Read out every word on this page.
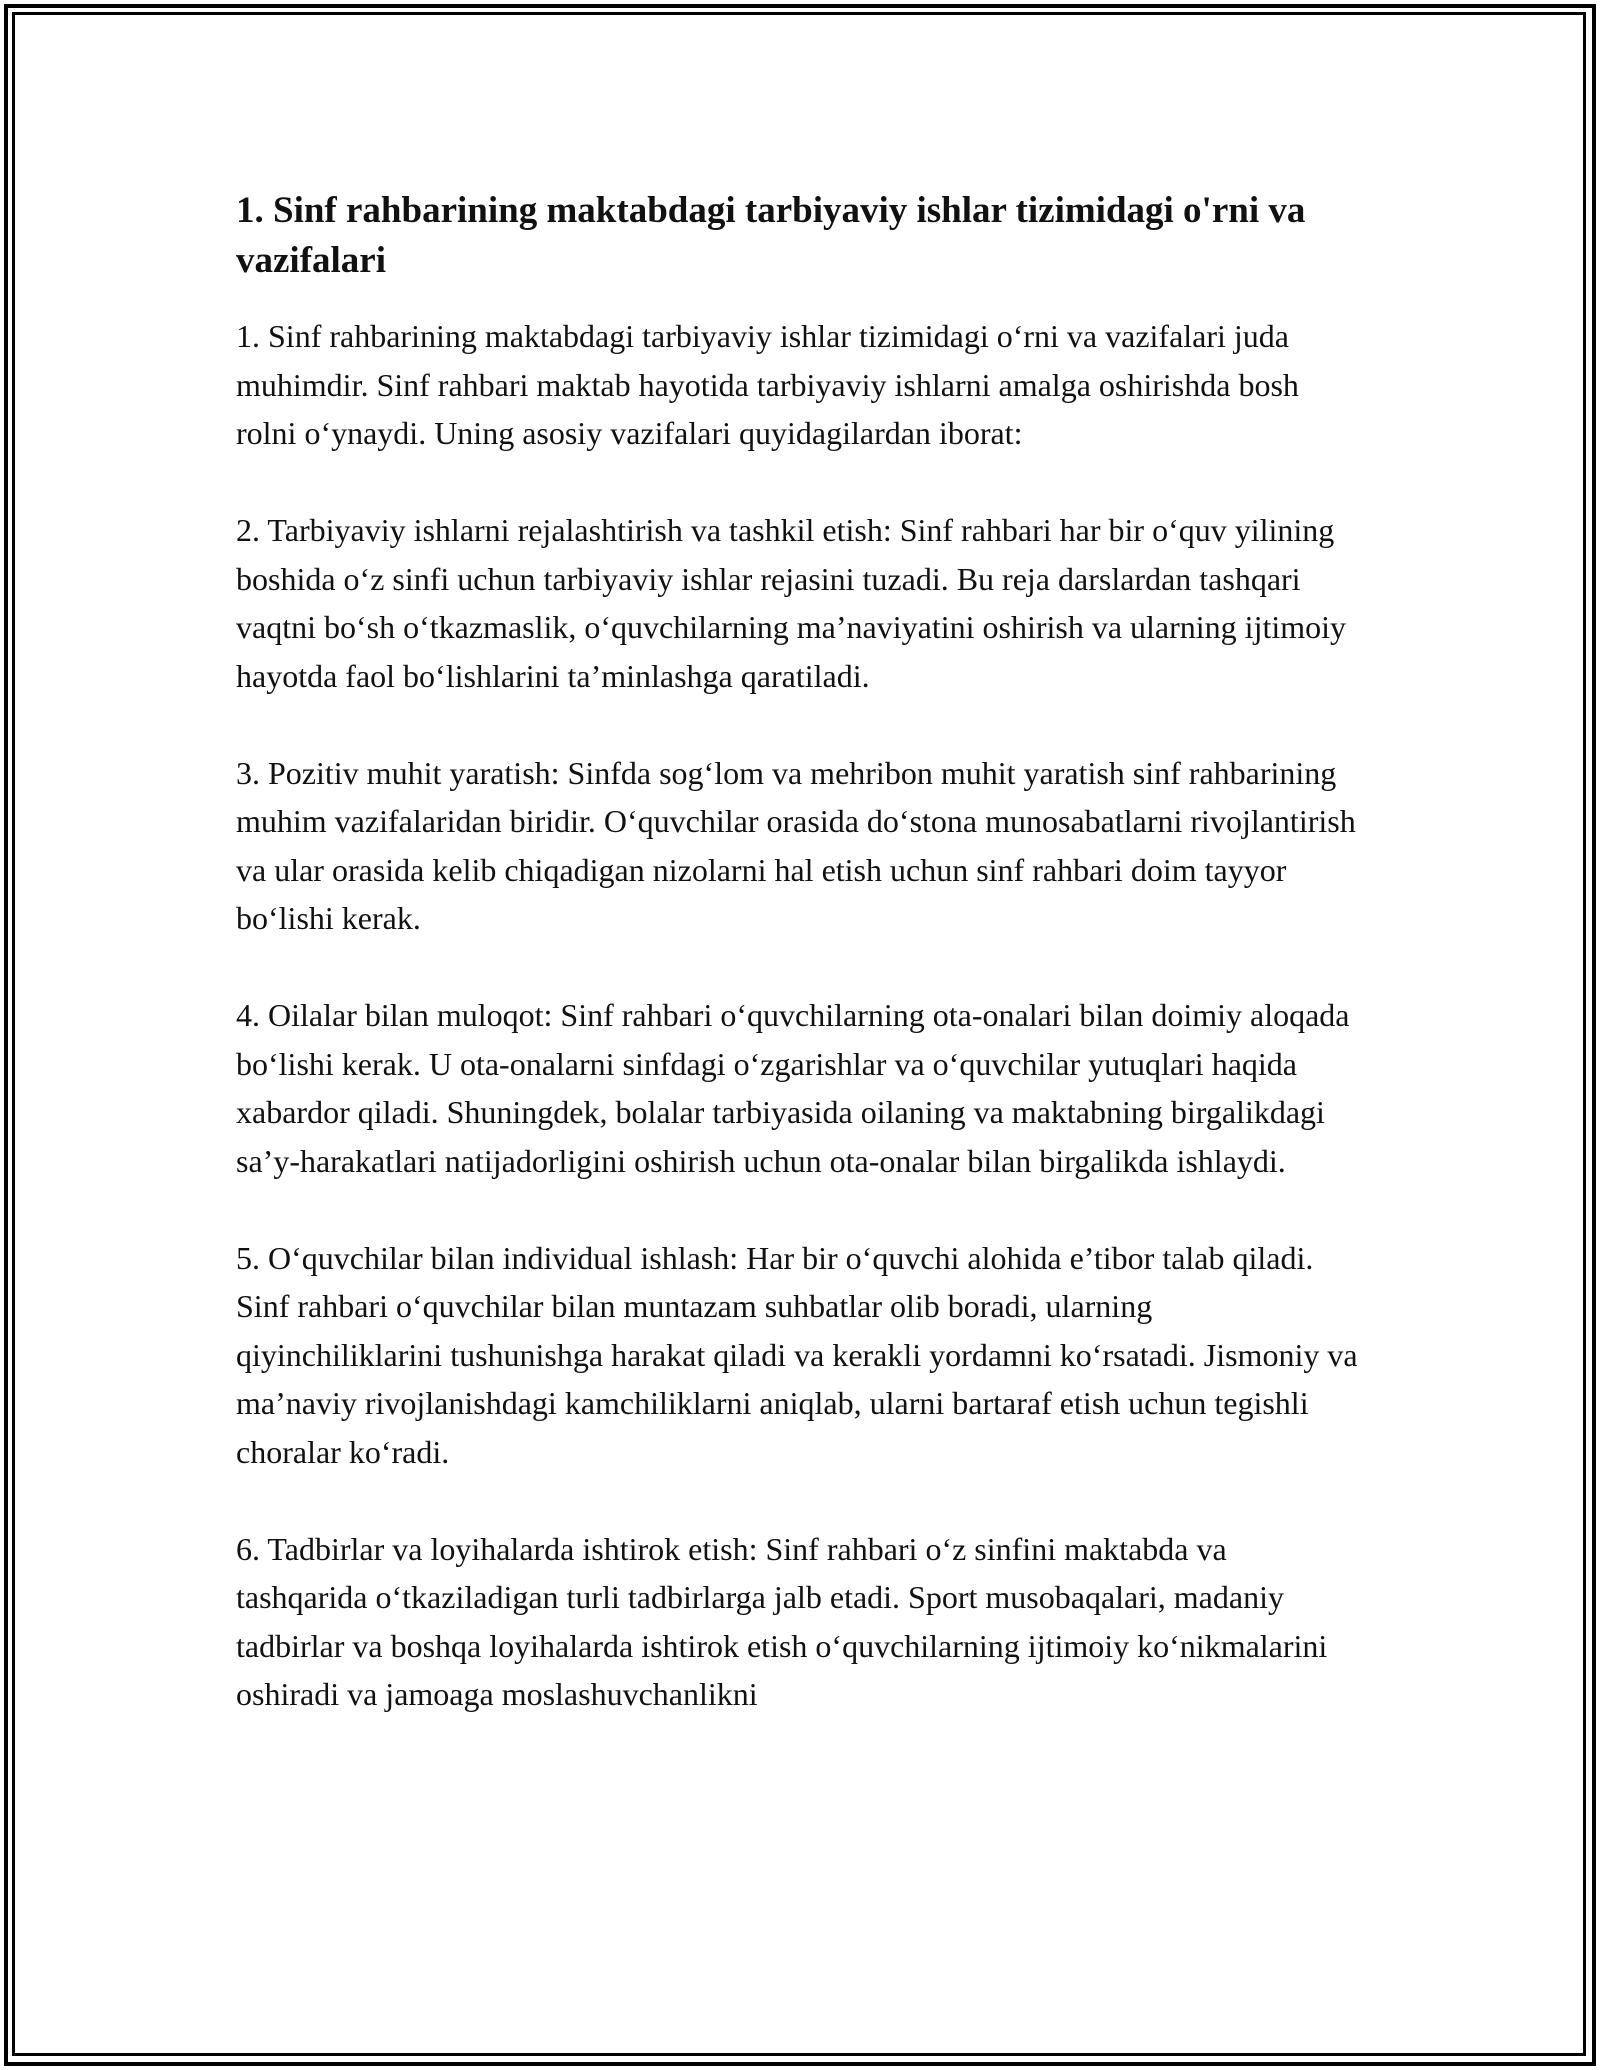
1. Sinf rahbarining maktabdagi tarbiyaviy ishlar tizimidagi o'rni va vazifalari

1. Sinf rahbarining maktabdagi tarbiyaviy ishlar tizimidagi o‘rni va vazifalari juda muhimdir. Sinf rahbari maktab hayotida tarbiyaviy ishlarni amalga oshirishda bosh rolni o‘ynaydi. Uning asosiy vazifalari quyidagilardan iborat:

2. Tarbiyaviy ishlarni rejalashtirish va tashkil etish: Sinf rahbari har bir o‘quv yilining boshida o‘z sinfi uchun tarbiyaviy ishlar rejasini tuzadi. Bu reja darslardan tashqari vaqtni bo‘sh o‘tkazmaslik, o‘quvchilarning ma’naviyatini oshirish va ularning ijtimoiy hayotda faol bo‘lishlarini ta’minlashga qaratiladi.

3. Pozitiv muhit yaratish: Sinfda sog‘lom va mehribon muhit yaratish sinf rahbarining muhim vazifalaridan biridir. O‘quvchilar orasida do‘stona munosabatlarni rivojlantirish va ular orasida kelib chiqadigan nizolarni hal etish uchun sinf rahbari doim tayyor bo‘lishi kerak.

4. Oilalar bilan muloqot: Sinf rahbari o‘quvchilarning ota-onalari bilan doimiy aloqada bo‘lishi kerak. U ota-onalarni sinfdagi o‘zgarishlar va o‘quvchilar yutuqlari haqida xabardor qiladi. Shuningdek, bolalar tarbiyasida oilaning va maktabning birgalikdagi sa’y-harakatlari natijadorligini oshirish uchun ota-onalar bilan birgalikda ishlaydi.

5. O‘quvchilar bilan individual ishlash: Har bir o‘quvchi alohida e’tibor talab qiladi. Sinf rahbari o‘quvchilar bilan muntazam suhbatlar olib boradi, ularning qiyinchiliklarini tushunishga harakat qiladi va kerakli yordamni ko‘rsatadi. Jismoniy va ma’naviy rivojlanishdagi kamchiliklarni aniqlab, ularni bartaraf etish uchun tegishli choralar ko‘radi.

6. Tadbirlar va loyihalarda ishtirok etish: Sinf rahbari o‘z sinfini maktabda va tashqarida o‘tkaziladigan turli tadbirlarga jalb etadi. Sport musobaqalari, madaniy tadbirlar va boshqa loyihalarda ishtirok etish o‘quvchilarning ijtimoiy ko‘nikmalarini oshiradi va jamoaga moslashuvchanlikni
